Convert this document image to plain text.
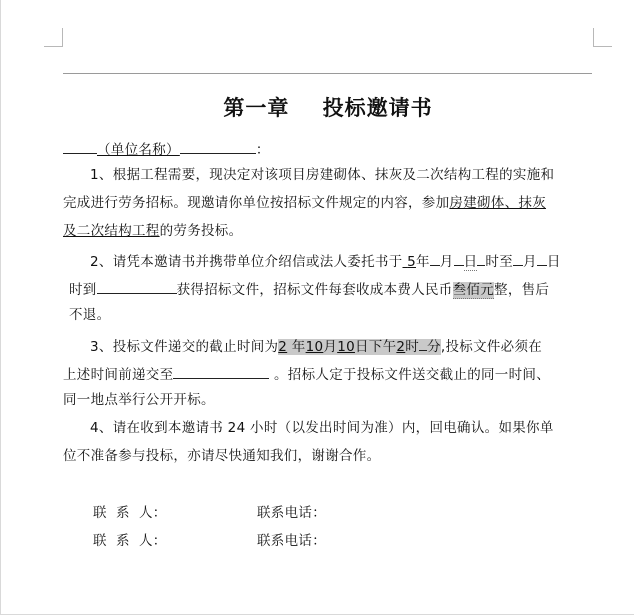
第一章    投标邀请书
（单位名称）	：
1、根据工程需要，现决定对该项目房建砌体、抹灰及二次结构工程的实施和
完成进行劳务招标。现邀请你单位按招标文件规定的内容，参加房建砌体、抹灰
及二次结构工程的劳务投标。
2、请凭本邀请书并携带单位介绍信或法人委托书于 5年 月 日 时至 月 日
时到	获得招标文件，招标文件每套收成本费人民币叁佰元整，售后
不退。
3、投标文件递交的截止时间为2 年10月10日下午2时 分,投标文件必须在
上述时间前递交至	。招标人定于投标文件送交截止的同一时间、
同一地点举行公开开标。
4、请在收到本邀请书 24 小时（以发出时间为准）内，回电确认。如果你单
位不准备参与投标，亦请尽快通知我们，谢谢合作。
联  系  人：	联系电话：
联  系  人：	联系电话：
